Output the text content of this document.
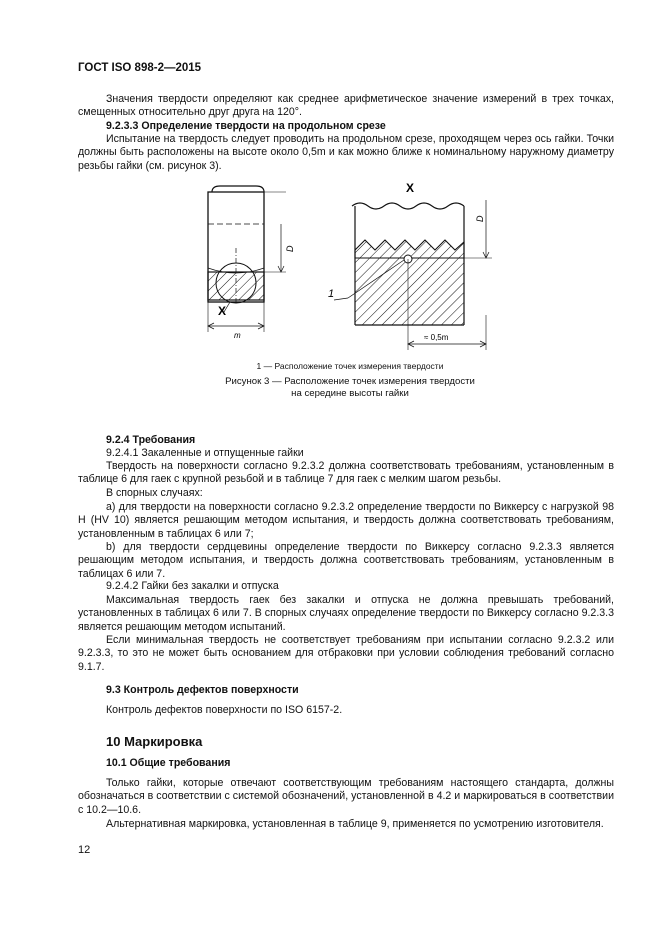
ГОСТ ISO 898-2—2015
Значения твердости определяют как среднее арифметическое значение измерений в трех точках, смещенных относительно друг друга на 120°.
9.2.3.3 Определение твердости на продольном срезе
Испытание на твердость следует проводить на продольном срезе, проходящем через ось гайки. Точки должны быть расположены на высоте около 0,5m и как можно ближе к номинальному наружному диаметру резьбы гайки (см. рисунок 3).
X
m
D
X
D
1
≈ 0,5m
1 — Расположение точек измерения твердости
Рисунок 3 — Расположение точек измерения твердости
на середине высоты гайки
9.2.4 Требования
9.2.4.1 Закаленные и отпущенные гайки
Твердость на поверхности согласно 9.2.3.2 должна соответствовать требованиям, установленным в таблице 6 для гаек с крупной резьбой и в таблице 7 для гаек с мелким шагом резьбы.
В спорных случаях:
a) для твердости на поверхности согласно 9.2.3.2 определение твердости по Виккерсу с нагрузкой 98 Н (HV 10) является решающим методом испытания, и твердость должна соответствовать требованиям, установленным в таблицах 6 или 7;
b) для твердости сердцевины определение твердости по Виккерсу согласно 9.2.3.3 является решающим методом испытания, и твердость должна соответствовать требованиям, установленным в таблицах 6 или 7.
9.2.4.2 Гайки без закалки и отпуска
Максимальная твердость гаек без закалки и отпуска не должна превышать требований, установленных в таблицах 6 или 7. В спорных случаях определение твердости по Виккерсу согласно 9.2.3.3 является решающим методом испытаний.
Если минимальная твердость не соответствует требованиям при испытании согласно 9.2.3.2 или 9.2.3.3, то это не может быть основанием для отбраковки при условии соблюдения требований согласно 9.1.7.
9.3 Контроль дефектов поверхности
Контроль дефектов поверхности по ISO 6157-2.
10 Маркировка
10.1 Общие требования
Только гайки, которые отвечают соответствующим требованиям настоящего стандарта, должны обозначаться в соответствии с системой обозначений, установленной в 4.2 и маркироваться в соответствии с 10.2—10.6.
Альтернативная маркировка, установленная в таблице 9, применяется по усмотрению изготовителя.
12
